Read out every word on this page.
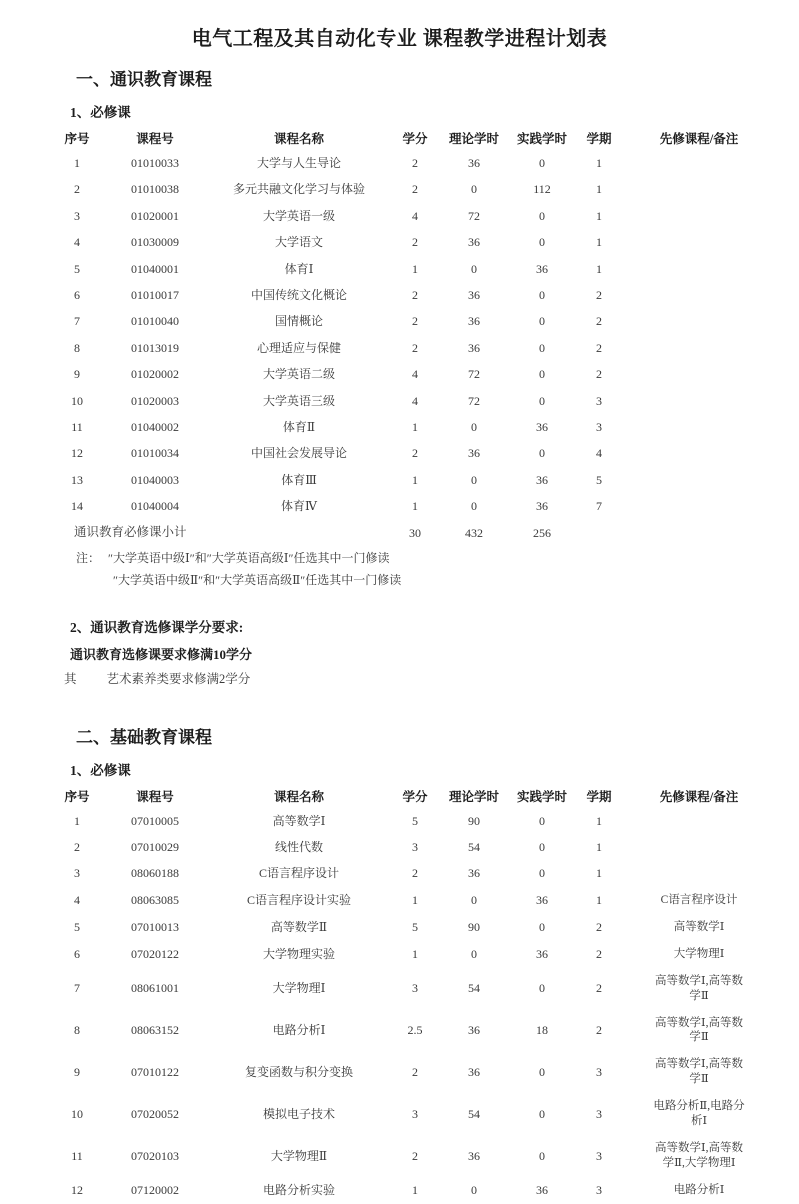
电气工程及其自动化专业 课程教学进程计划表
一、通识教育课程
1、必修课
序号	课程号	课程名称	学分	理论学时	实践学时	学期	先修课程/备注
1	01010033	大学与人生导论	2	36	0	1	
2	01010038	多元共融文化学习与体验	2	0	112	1	
3	01020001	大学英语一级	4	72	0	1	
4	01030009	大学语文	2	36	0	1	
5	01040001	体育Ⅰ	1	0	36	1	
6	01010017	中国传统文化概论	2	36	0	2	
7	01010040	国情概论	2	36	0	2	
8	01013019	心理适应与保健	2	36	0	2	
9	01020002	大学英语二级	4	72	0	2	
10	01020003	大学英语三级	4	72	0	3	
11	01040002	体育Ⅱ	1	0	36	3	
12	01010034	中国社会发展导论	2	36	0	4	
13	01040003	体育Ⅲ	1	0	36	5	
14	01040004	体育Ⅳ	1	0	36	7	
通识教育必修课小计			30	432	256		
注： ″大学英语中级Ⅰ″和″大学英语高级Ⅰ″任选其中一门修读
″大学英语中级Ⅱ″和″大学英语高级Ⅱ″任选其中一门修读
2、通识教育选修课学分要求:
通识教育选修课要求修满10学分
其 艺术素养类要求修满2学分
二、基础教育课程
1、必修课
序号	课程号	课程名称	学分	理论学时	实践学时	学期	先修课程/备注
1	07010005	高等数学Ⅰ	5	90	0	1	
2	07010029	线性代数	3	54	0	1	
3	08060188	C语言程序设计	2	36	0	1	
4	08063085	C语言程序设计实验	1	0	36	1	C语言程序设计
5	07010013	高等数学Ⅱ	5	90	0	2	高等数学Ⅰ
6	07020122	大学物理实验	1	0	36	2	大学物理Ⅰ
7	08061001	大学物理Ⅰ	3	54	0	2	高等数学Ⅰ,高等数学Ⅱ
8	08063152	电路分析Ⅰ	2.5	36	18	2	高等数学Ⅰ,高等数学Ⅱ
9	07010122	复变函数与积分变换	2	36	0	3	高等数学Ⅰ,高等数学Ⅱ
10	07020052	模拟电子技术	3	54	0	3	电路分析Ⅱ,电路分析Ⅰ
11	07020103	大学物理Ⅱ	2	36	0	3	高等数学Ⅰ,高等数学Ⅱ,大学物理Ⅰ
12	07120002	电路分析实验	1	0	36	3	电路分析Ⅰ
